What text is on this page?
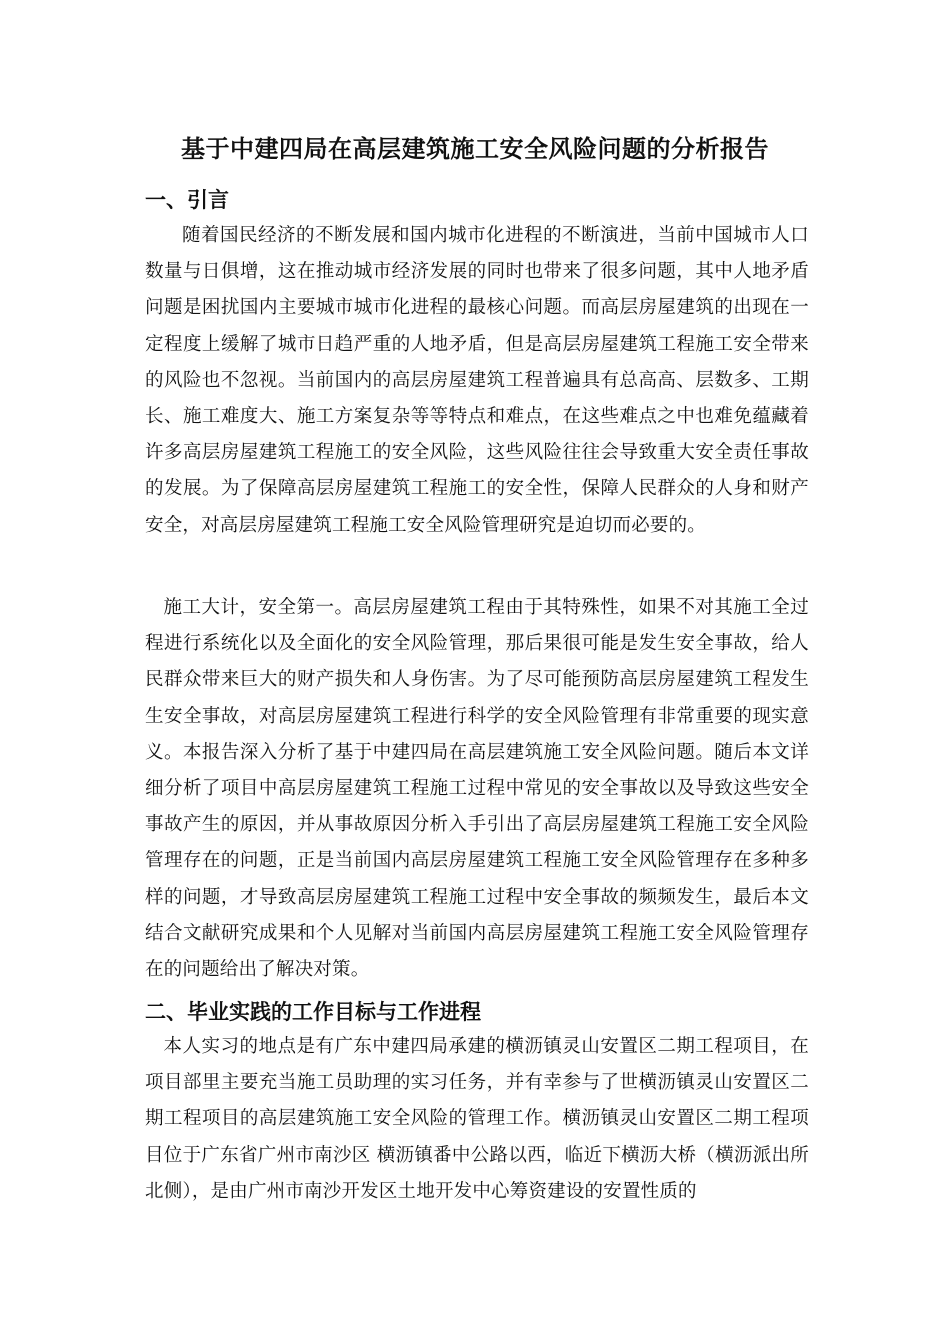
基于中建四局在高层建筑施工安全风险问题的分析报告
一、引言

随着国民经济的不断发展和国内城市化进程的不断演进，当前中国城市人口数量与日俱增，这在推动城市经济发展的同时也带来了很多问题，其中人地矛盾问题是困扰国内主要城市城市化进程的最核心问题。而高层房屋建筑的出现在一定程度上缓解了城市日趋严重的人地矛盾，但是高层房屋建筑工程施工安全带来的风险也不忽视。当前国内的高层房屋建筑工程普遍具有总高高、层数多、工期长、施工难度大、施工方案复杂等等特点和难点，在这些难点之中也难免蕴藏着许多高层房屋建筑工程施工的安全风险，这些风险往往会导致重大安全责任事故的发展。为了保障高层房屋建筑工程施工的安全性，保障人民群众的人身和财产安全，对高层房屋建筑工程施工安全风险管理研究是迫切而必要的。

施工大计，安全第一。高层房屋建筑工程由于其特殊性，如果不对其施工全过程进行系统化以及全面化的安全风险管理，那后果很可能是发生安全事故，给人民群众带来巨大的财产损失和人身伤害。为了尽可能预防高层房屋建筑工程发生生安全事故，对高层房屋建筑工程进行科学的安全风险管理有非常重要的现实意义。本报告深入分析了基于中建四局在高层建筑施工安全风险问题。随后本文详细分析了项目中高层房屋建筑工程施工过程中常见的安全事故以及导致这些安全事故产生的原因，并从事故原因分析入手引出了高层房屋建筑工程施工安全风险管理存在的问题，正是当前国内高层房屋建筑工程施工安全风险管理存在多种多样的问题，才导致高层房屋建筑工程施工过程中安全事故的频频发生，最后本文结合文献研究成果和个人见解对当前国内高层房屋建筑工程施工安全风险管理存在的问题给出了解决对策。

二、毕业实践的工作目标与工作进程

本人实习的地点是有广东中建四局承建的横沥镇灵山安置区二期工程项目，在项目部里主要充当施工员助理的实习任务，并有幸参与了世横沥镇灵山安置区二期工程项目的高层建筑施工安全风险的管理工作。横沥镇灵山安置区二期工程项目位于广东省广州市南沙区 横沥镇番中公路以西，临近下横沥大桥（横沥派出所北侧），是由广州市南沙开发区土地开发中心筹资建设的安置性质的
